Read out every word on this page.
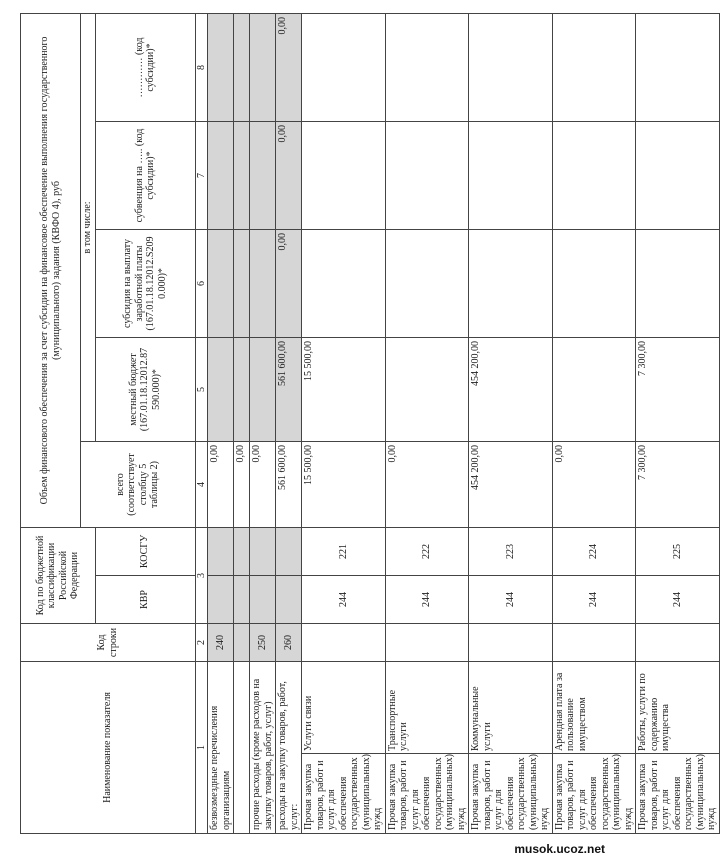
Наименование показателя		Код строки	Код по бюджетной классификации Российской Федерации		Объем финансового обеспечения за счет субсидии на финансовое обеспечение выполнения государственного (муниципального) задания (КВФО 4), руб				
					всего (соответствует столбцу 5 таблицы 2)	в том числе:			
			КВР	КОСГУ		местный бюджет (167.01.18.12012.87 590.000)*	субсидия на выплату заработной платы (167.01.18.12012.S209 0.000)*	субвенция на ….. (код субсидии)*	………… (код субсидии)*

1		2	3		4	5	6	7	8
безвозмездные перечисления организациям		240			0,00				
					0,00				
прочие расходы (кроме расходов на закупку товаров, работ, услуг)		250			0,00				
расходы на закупку товаров, работ, услуг:		260			561 600,00	561 600,00	0,00	0,00	0,00
Прочая закупка товаров, работ и услуг для обеспечения государственных (муниципальных) нужд	Услуги связи		244	221	15 500,00	15 500,00			
Прочая закупка товаров, работ и услуг для обеспечения государственных (муниципальных) нужд	Транспортные услуги		244	222	0,00				
Прочая закупка товаров, работ и услуг для обеспечения государственных (муниципальных) нужд	Коммунальные услуги		244	223	454 200,00	454 200,00			
Прочая закупка товаров, работ и услуг для обеспечения государственных (муниципальных) нужд	Арендная плата за пользование имуществом		244	224	0,00				
Прочая закупка товаров, работ и услуг для обеспечения государственных (муниципальных) нужд	Работы, услуги по содержанию имущества		244	225	7 300,00	7 300,00			
musok.ucoz.net
